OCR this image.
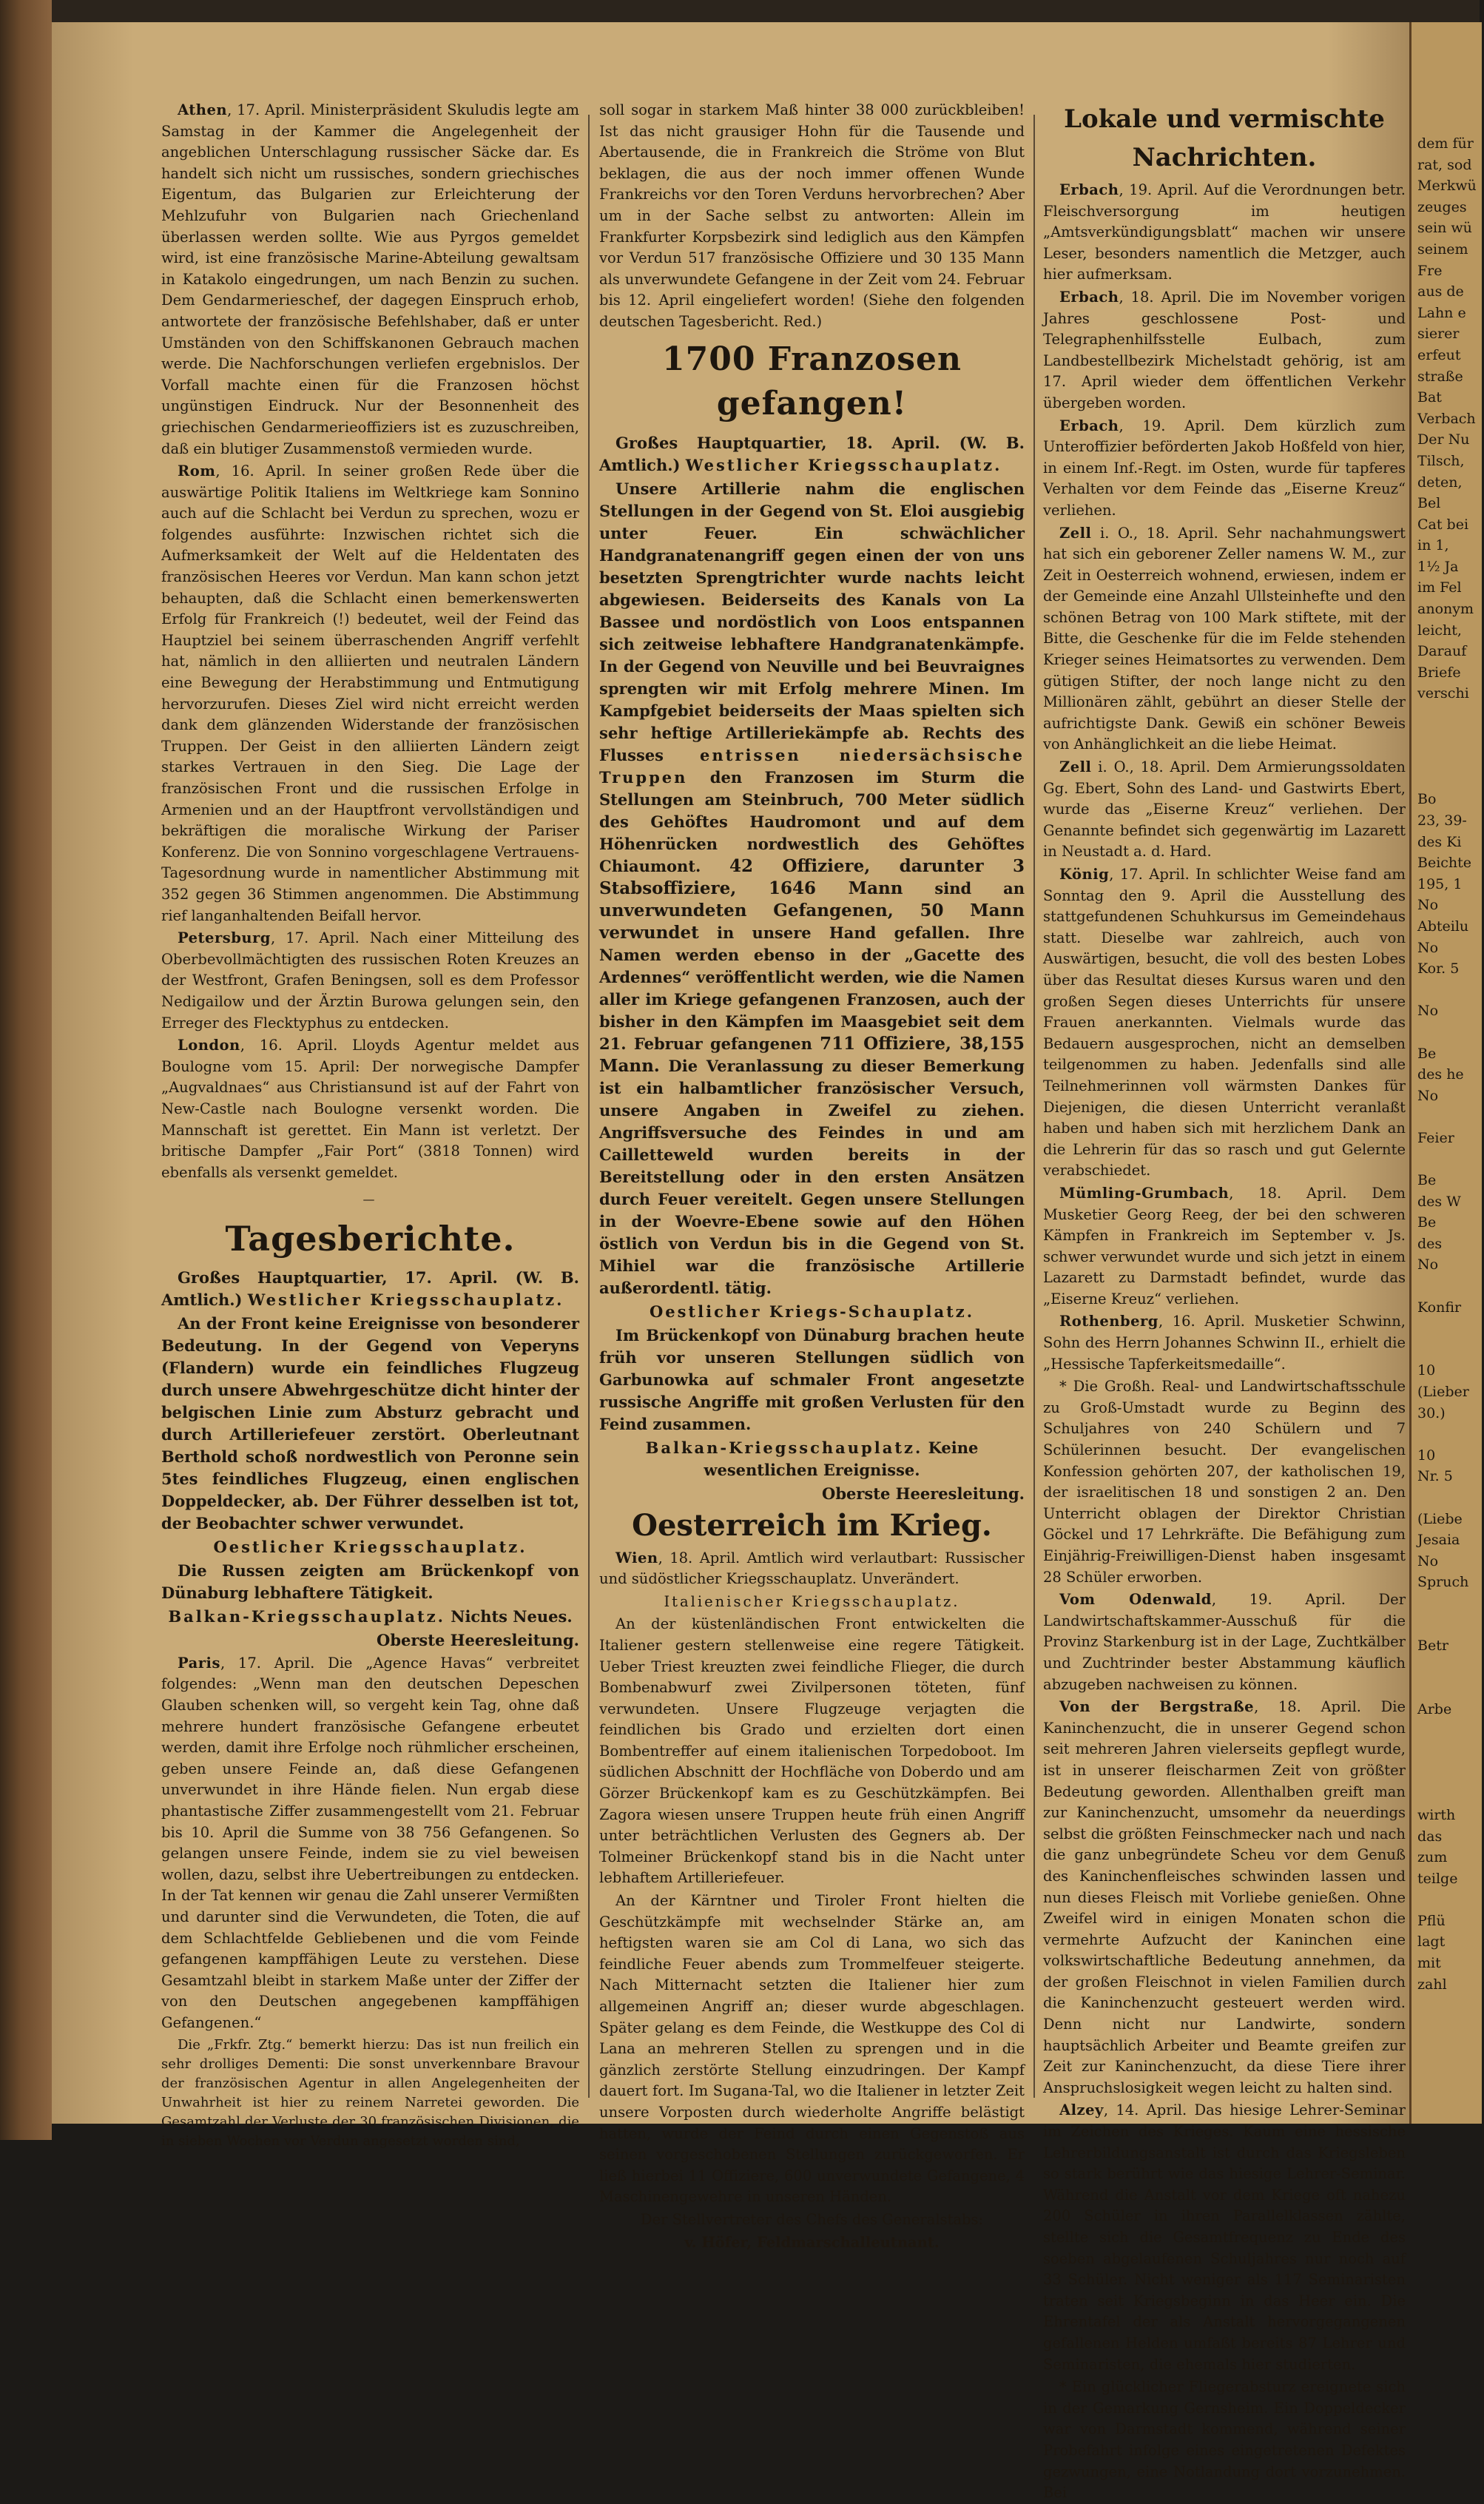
Athen, 17. April. Ministerpräsident Skuludis legte am Samstag in der Kammer die Angelegenheit der angeblichen Unterschlagung russischer Säcke dar. Es handelt sich nicht um russisches, sondern griechisches Eigentum, das Bulgarien zur Erleichterung der Mehlzufuhr von Bulgarien nach Griechenland überlassen werden sollte. Wie aus Pyrgos gemeldet wird, ist eine französische Marine-Abteilung gewaltsam in Katakolo eingedrungen, um nach Benzin zu suchen. Dem Gendarmerieschef, der dagegen Einspruch erhob, antwortete der französische Befehlshaber, daß er unter Umständen von den Schiffskanonen Gebrauch machen werde. Die Nachforschungen verliefen ergebnislos. Der Vorfall machte einen für die Franzosen höchst ungünstigen Eindruck. Nur der Besonnenheit des griechischen Gendarmerieoffiziers ist es zuzuschreiben, daß ein blutiger Zusammenstoß vermieden wurde.

Rom, 16. April. In seiner großen Rede über die auswärtige Politik Italiens im Weltkriege kam Sonnino auch auf die Schlacht bei Verdun zu sprechen, wozu er folgendes ausführte: Inzwischen richtet sich die Aufmerksamkeit der Welt auf die Heldentaten des französischen Heeres vor Verdun. Man kann schon jetzt behaupten, daß die Schlacht einen bemerkenswerten Erfolg für Frankreich (!) bedeutet, weil der Feind das Hauptziel bei seinem überraschenden Angriff verfehlt hat, nämlich in den alliierten und neutralen Ländern eine Bewegung der Herabstimmung und Entmutigung hervorzurufen. Dieses Ziel wird nicht erreicht werden dank dem glänzenden Widerstande der französischen Truppen. Der Geist in den alliierten Ländern zeigt starkes Vertrauen in den Sieg. Die Lage der französischen Front und die russischen Erfolge in Armenien und an der Hauptfront vervollständigen und bekräftigen die moralische Wirkung der Pariser Konferenz. Die von Sonnino vorgeschlagene Vertrauens-Tagesordnung wurde in namentlicher Abstimmung mit 352 gegen 36 Stimmen angenommen. Die Abstimmung rief langanhaltenden Beifall hervor.

Petersburg, 17. April. Nach einer Mitteilung des Oberbevollmächtigten des russischen Roten Kreuzes an der Westfront, Grafen Beningsen, soll es dem Professor Nedigailow und der Ärztin Burowa gelungen sein, den Erreger des Flecktyphus zu entdecken.

London, 16. April. Lloyds Agentur meldet aus Boulogne vom 15. April: Der norwegische Dampfer „Augvaldnaes“ aus Christiansund ist auf der Fahrt von New-Castle nach Boulogne versenkt worden. Die Mannschaft ist gerettet. Ein Mann ist verletzt. Der britische Dampfer „Fair Port“ (3818 Tonnen) wird ebenfalls als versenkt gemeldet.

—
Tagesberichte.

Großes Hauptquartier, 17. April. (W. B. Amtlich.) Westlicher Kriegsschauplatz.

An der Front keine Ereignisse von besonderer Bedeutung. In der Gegend von Veperyns (Flandern) wurde ein feindliches Flugzeug durch unsere Abwehrgeschütze dicht hinter der belgischen Linie zum Absturz gebracht und durch Artilleriefeuer zerstört. Oberleutnant Berthold schoß nordwestlich von Peronne sein 5tes feindliches Flugzeug, einen englischen Doppeldecker, ab. Der Führer desselben ist tot, der Beobachter schwer verwundet.

Oestlicher Kriegsschauplatz.

Die Russen zeigten am Brückenkopf von Dünaburg lebhaftere Tätigkeit.

Balkan-Kriegsschauplatz. Nichts Neues.

Oberste Heeresleitung.

Paris, 17. April. Die „Agence Havas“ verbreitet folgendes: „Wenn man den deutschen Depeschen Glauben schenken will, so vergeht kein Tag, ohne daß mehrere hundert französische Gefangene erbeutet werden, damit ihre Erfolge noch rühmlicher erscheinen, geben unsere Feinde an, daß diese Gefangenen unverwundet in ihre Hände fielen. Nun ergab diese phantastische Ziffer zusammengestellt vom 21. Februar bis 10. April die Summe von 38 756 Gefangenen. So gelangen unsere Feinde, indem sie zu viel beweisen wollen, dazu, selbst ihre Uebertreibungen zu entdecken. In der Tat kennen wir genau die Zahl unserer Vermißten und darunter sind die Verwundeten, die Toten, die auf dem Schlachtfelde Gebliebenen und die vom Feinde gefangenen kampffähigen Leute zu verstehen. Diese Gesamtzahl bleibt in starkem Maße unter der Ziffer der von den Deutschen angegebenen kampffähigen Gefangenen.“

Die „Frkfr. Ztg.“ bemerkt hierzu: Das ist nun freilich ein sehr drolliges Dementi: Die sonst unverkennbare Bravour der französischen Agentur in allen Angelegenheiten der Unwahrheit ist hier zu reinem Narretei geworden. Die Gesamtzahl der Verluste der 30 französischen Divisionen, die in sieben Wochen vor Verdun angesetzt worden sind,

soll sogar in starkem Maß hinter 38 000 zurückbleiben! Ist das nicht grausiger Hohn für die Tausende und Abertausende, die in Frankreich die Ströme von Blut beklagen, die aus der noch immer offenen Wunde Frankreichs vor den Toren Verduns hervorbrechen? Aber um in der Sache selbst zu antworten: Allein im Frankfurter Korpsbezirk sind lediglich aus den Kämpfen vor Verdun 517 französische Offiziere und 30 135 Mann als unverwundete Gefangene in der Zeit vom 24. Februar bis 12. April eingeliefert worden! (Siehe den folgenden deutschen Tagesbericht. Red.)

1700 Franzosen gefangen!

Großes Hauptquartier, 18. April. (W. B. Amtlich.) Westlicher Kriegsschauplatz.

Unsere Artillerie nahm die englischen Stellungen in der Gegend von St. Eloi ausgiebig unter Feuer. Ein schwächlicher Handgranatenangriff gegen einen der von uns besetzten Sprengtrichter wurde nachts leicht abgewiesen. Beiderseits des Kanals von La Bassee und nordöstlich von Loos entspannen sich zeitweise lebhaftere Handgranatenkämpfe. In der Gegend von Neuville und bei Beuvraignes sprengten wir mit Erfolg mehrere Minen. Im Kampfgebiet beiderseits der Maas spielten sich sehr heftige Artilleriekämpfe ab. Rechts des Flusses entrissen niedersächsische Truppen den Franzosen im Sturm die Stellungen am Steinbruch, 700 Meter südlich des Gehöftes Haudromont und auf dem Höhenrücken nordwestlich des Gehöftes Chiaumont. 42 Offiziere, darunter 3 Stabsoffiziere, 1646 Mann sind an unverwundeten Gefangenen, 50 Mann verwundet in unsere Hand gefallen. Ihre Namen werden ebenso in der „Gacette des Ardennes“ veröffentlicht werden, wie die Namen aller im Kriege gefangenen Franzosen, auch der bisher in den Kämpfen im Maasgebiet seit dem 21. Februar gefangenen 711 Offiziere, 38,155 Mann. Die Veranlassung zu dieser Bemerkung ist ein halbamtlicher französischer Versuch, unsere Angaben in Zweifel zu ziehen. Angriffsversuche des Feindes in und am Cailletteweld wurden bereits in der Bereitstellung oder in den ersten Ansätzen durch Feuer vereitelt. Gegen unsere Stellungen in der Woevre-Ebene sowie auf den Höhen östlich von Verdun bis in die Gegend von St. Mihiel war die französische Artillerie außerordentl. tätig.

Oestlicher Kriegs-Schauplatz.

Im Brückenkopf von Dünaburg brachen heute früh vor unseren Stellungen südlich von Garbunowka auf schmaler Front angesetzte russische Angriffe mit großen Verlusten für den Feind zusammen.

Balkan-Kriegsschauplatz. Keine wesentlichen Ereignisse.

Oberste Heeresleitung.

Oesterreich im Krieg.

Wien, 18. April. Amtlich wird verlautbart: Russischer und südöstlicher Kriegsschauplatz. Unverändert.

Italienischer Kriegsschauplatz.

An der küstenländischen Front entwickelten die Italiener gestern stellenweise eine regere Tätigkeit. Ueber Triest kreuzten zwei feindliche Flieger, die durch Bombenabwurf zwei Zivilpersonen töteten, fünf verwundeten. Unsere Flugzeuge verjagten die feindlichen bis Grado und erzielten dort einen Bombentreffer auf einem italienischen Torpedoboot. Im südlichen Abschnitt der Hochfläche von Doberdo und am Görzer Brückenkopf kam es zu Geschützkämpfen. Bei Zagora wiesen unsere Truppen heute früh einen Angriff unter beträchtlichen Verlusten des Gegners ab. Der Tolmeiner Brückenkopf stand bis in die Nacht unter lebhaftem Artilleriefeuer.

An der Kärntner und Tiroler Front hielten die Geschützkämpfe mit wechselnder Stärke an, am heftigsten waren sie am Col di Lana, wo sich das feindliche Feuer abends zum Trommelfeuer steigerte. Nach Mitternacht setzten die Italiener hier zum allgemeinen Angriff an; dieser wurde abgeschlagen. Später gelang es dem Feinde, die Westkuppe des Col di Lana an mehreren Stellen zu sprengen und in die gänzlich zerstörte Stellung einzudringen. Der Kampf dauert fort. Im Sugana-Tal, wo die Italiener in letzter Zeit unsere Vorposten durch wiederholte Angriffe belästigt hatten, wurde der Feind durch einen Gegenstoß aus seinen vorgeschobenen Stellungen zurückgeworfen. Er ließ hierbei 11 Offiziere, 600 unverwundete Gefangene, 4 Maschinengewehre in unseren Händen.

Der Stellvertreter des Chefs des Generalstabs:

v. Höfer, Feldmarschalleutnant.

Lokale und vermischte Nachrichten.

Erbach, 19. April. Auf die Verordnungen betr. Fleischversorgung im heutigen „Amtsverkündigungsblatt“ machen wir unsere Leser, besonders namentlich die Metzger, auch hier aufmerksam.

Erbach, 18. April. Die im November vorigen Jahres geschlossene Post- und Telegraphenhilfsstelle Eulbach, zum Landbestellbezirk Michelstadt gehörig, ist am 17. April wieder dem öffentlichen Verkehr übergeben worden.

Erbach, 19. April. Dem kürzlich zum Unteroffizier beförderten Jakob Hoßfeld von hier, in einem Inf.-Regt. im Osten, wurde für tapferes Verhalten vor dem Feinde das „Eiserne Kreuz“ verliehen.

Zell i. O., 18. April. Sehr nachahmungswert hat sich ein geborener Zeller namens W. M., zur Zeit in Oesterreich wohnend, erwiesen, indem er der Gemeinde eine Anzahl Ullsteinhefte und den schönen Betrag von 100 Mark stiftete, mit der Bitte, die Geschenke für die im Felde stehenden Krieger seines Heimatsortes zu verwenden. Dem gütigen Stifter, der noch lange nicht zu den Millionären zählt, gebührt an dieser Stelle der aufrichtigste Dank. Gewiß ein schöner Beweis von Anhänglichkeit an die liebe Heimat.

Zell i. O., 18. April. Dem Armierungssoldaten Gg. Ebert, Sohn des Land- und Gastwirts Ebert, wurde das „Eiserne Kreuz“ verliehen. Der Genannte befindet sich gegenwärtig im Lazarett in Neustadt a. d. Hard.

König, 17. April. In schlichter Weise fand am Sonntag den 9. April die Ausstellung des stattgefundenen Schuhkursus im Gemeindehaus statt. Dieselbe war zahlreich, auch von Auswärtigen, besucht, die voll des besten Lobes über das Resultat dieses Kursus waren und den großen Segen dieses Unterrichts für unsere Frauen anerkannten. Vielmals wurde das Bedauern ausgesprochen, nicht an demselben teilgenommen zu haben. Jedenfalls sind alle Teilnehmerinnen voll wärmsten Dankes für Diejenigen, die diesen Unterricht veranlaßt haben und haben sich mit herzlichem Dank an die Lehrerin für das so rasch und gut Gelernte verabschiedet.

Mümling-Grumbach, 18. April. Dem Musketier Georg Reeg, der bei den schweren Kämpfen in Frankreich im September v. Js. schwer verwundet wurde und sich jetzt in einem Lazarett zu Darmstadt befindet, wurde das „Eiserne Kreuz“ verliehen.

Rothenberg, 16. April. Musketier Schwinn, Sohn des Herrn Johannes Schwinn II., erhielt die „Hessische Tapferkeitsmedaille“.

* Die Großh. Real- und Landwirtschaftsschule zu Groß-Umstadt wurde zu Beginn des Schuljahres von 240 Schülern und 7 Schülerinnen besucht. Der evangelischen Konfession gehörten 207, der katholischen 19, der israelitischen 18 und sonstigen 2 an. Den Unterricht oblagen der Direktor Christian Göckel und 17 Lehrkräfte. Die Befähigung zum Einjährig-Freiwilligen-Dienst haben insgesamt 28 Schüler erworben.

Vom Odenwald, 19. April. Der Landwirtschaftskammer-Ausschuß für die Provinz Starkenburg ist in der Lage, Zuchtkälber und Zuchtrinder bester Abstammung käuflich abzugeben nachweisen zu können.

Von der Bergstraße, 18. April. Die Kaninchenzucht, die in unserer Gegend schon seit mehreren Jahren vielerseits gepflegt wurde, ist in unserer fleischarmen Zeit von größter Bedeutung geworden. Allenthalben greift man zur Kaninchenzucht, umsomehr da neuerdings selbst die größten Feinschmecker nach und nach die ganz unbegründete Scheu vor dem Genuß des Kaninchenfleisches schwinden lassen und nun dieses Fleisch mit Vorliebe genießen. Ohne Zweifel wird in einigen Monaten schon die vermehrte Aufzucht der Kaninchen eine volkswirtschaftliche Bedeutung annehmen, da der großen Fleischnot in vielen Familien durch die Kaninchenzucht gesteuert werden wird. Denn nicht nur Landwirte, sondern hauptsächlich Arbeiter und Beamte greifen zur Zeit zur Kaninchenzucht, da diese Tiere ihrer Anspruchslosigkeit wegen leicht zu halten sind.

Alzey, 14. April. Das hiesige Lehrer-Seminar im Zeichen des Krieges. Kaum eine hessische Lehrerbildungsanstalt ist durch das Kriegsleben so stark berührt wie das hiesige Lehrer-Seminar. Während die Anstalt vor dem Kriege oft nahezu 200 Schüler in ihren Parallelklassen zählte, stellte sich die Gesamtfrequenz zu Ende des soeben abgelaufenen Schuljahres nur noch auf 33 Schüler. Nicht weniger als 117 Seminaristen traten seit Kriegsbeginn in das Heer ein. Die Ehrentafel der als Anstalt hervorgegangenen gefallenen Helden umfaßt bereits 87 Lehrer und Seminaristen, die ehemals hier studierten.

* Ein glücklicher Fliegerabsturz ereignete sich in der Gemarkung Gernsheim. Ein Doppeldecker war von Darmstadt kommend, während seiner Probefahrt infolge eines eingetretenen Defektes gezwungen, eine Notlandung dort vorzunehmen. Bei

dem für
rat, sod
Merkwü
zeuges
sein wü
seinem
Fre
aus de
Lahn e
sierer
erfeut
straße
Bat
Verbach
Der Nu
Tilsch,
deten,
Bel
Cat bei
in 1,
1½ Ja
im Fel
anonym
leicht,
Darauf
Briefe
verschi
Bo
23, 39-
des Ki
Beichte
195, 1
No
Abteilu
No
Kor. 5
No
Be
des he
No
Feier
Be
des W
Be
des
No
Konfir
10
(Lieber
30.)
10
Nr. 5
(Liebe
Jesaia
No
Spruch
Betr
Arbe
wirth
das
zum
teilge
Pflü
lagt
mit
zahl
